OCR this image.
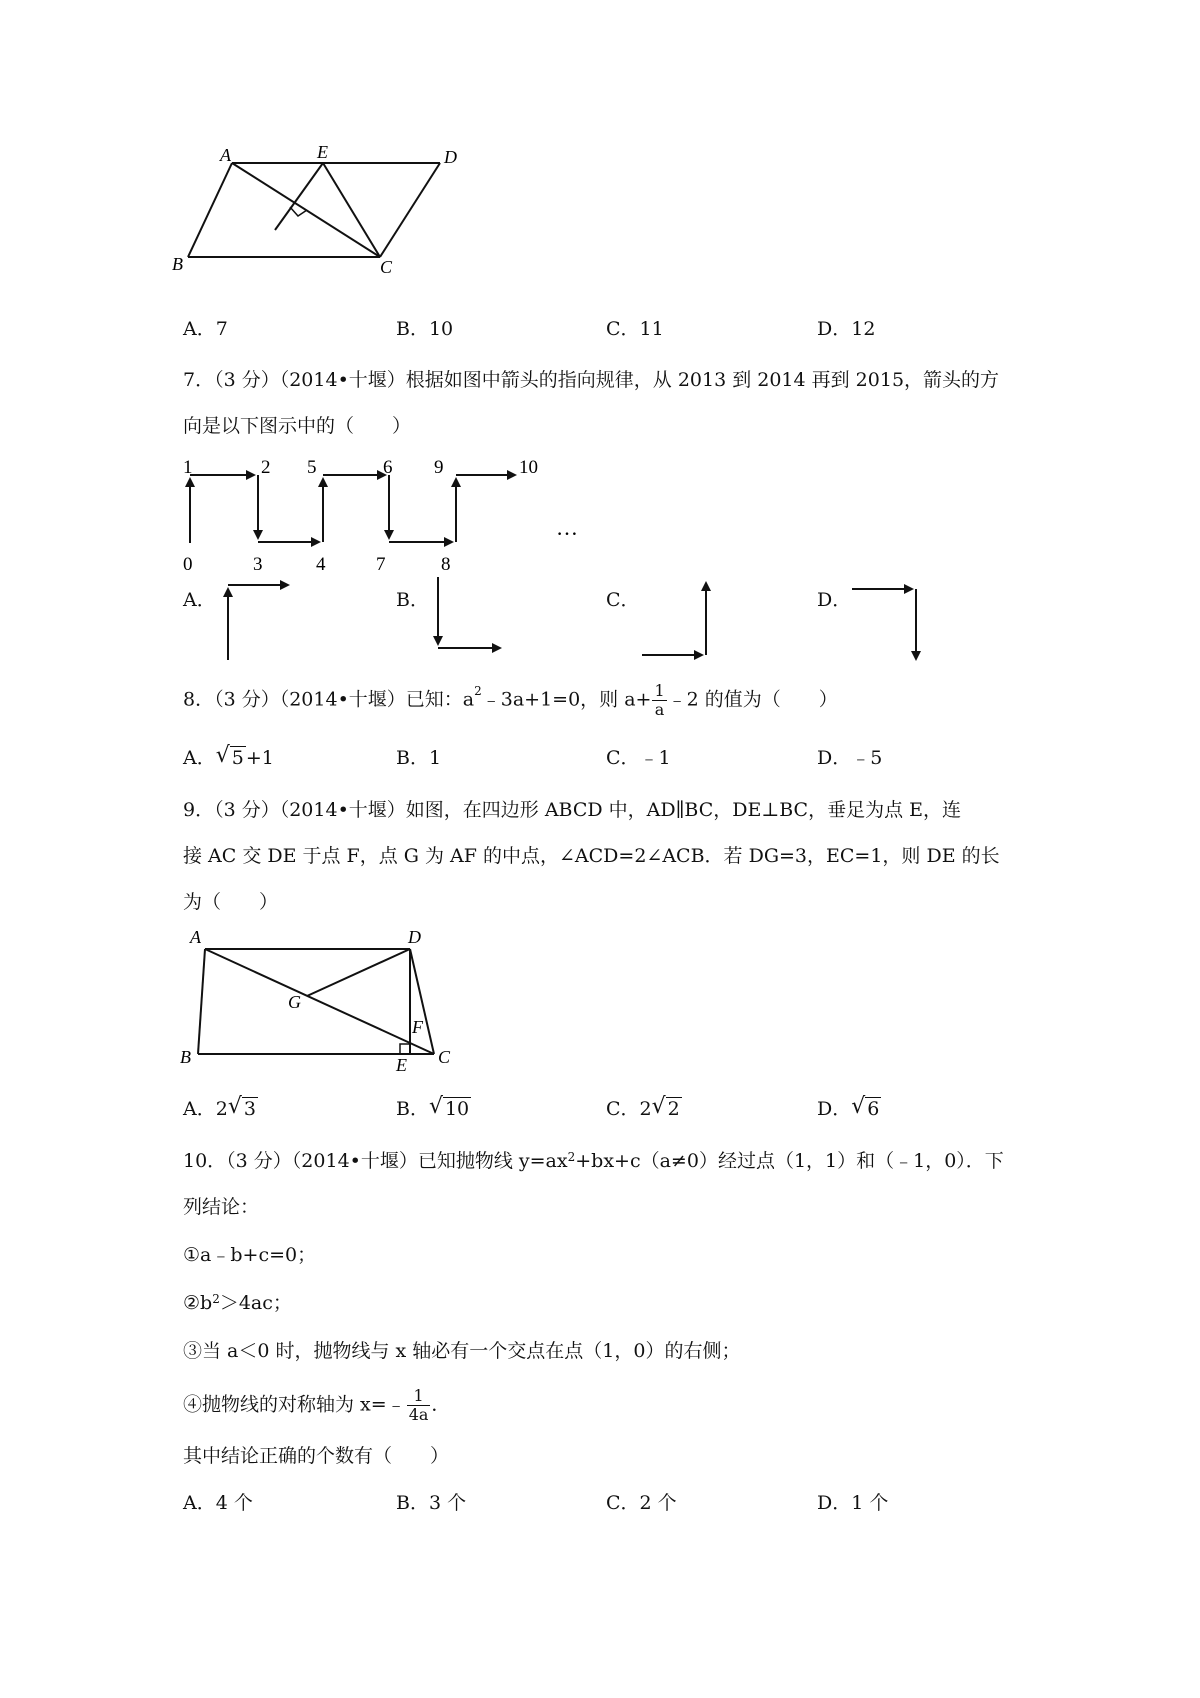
A	E	D
B	C
A．7	B．10	C．11	D．12
7．（3 分）（2014•十堰）根据如图中箭头的指向规律，从 2013 到 2014 再到 2015，箭头的方
向是以下图示中的（　　）
0
1	2
3	4
5	6
7	8
9	10
…
A．	B．	C．	D．
8．（3 分）（2014•十堰）已知：$a^2﹣3a+1=0$，则 $a+ \frac{1}{a}$ ﹣2 的值为（　　）
A． √ 5 +1	B．1	C．﹣1	D．﹣5
9．（3 分）（2014•十堰）如图，在四边形 ABCD 中，AD∥BC，DE⊥BC，垂足为点 E，连
接 AC 交 DE 于点 F，点 G 为 AF 的中点，∠ACD=2∠ACB．若 DG=3，EC=1，则 DE 的长
为（　　）
A	D
G
F
B	E C
A．2 √ 3	B． √ 10	C．2 √ 2	D． √ 6
10．（3 分）（2014•十堰）已知抛物线 $y=ax^2+bx+c(a\ne 0)$经过点（1，1）和（﹣1，0）．下
列结论：
①a﹣b+c=0；
$②b^2>4ac$；
③当 a＜0 时，抛物线与 x 轴必有一个交点在点（1，0）的右侧；
④抛物线的对称轴为 x=﹣ $\frac{1}{4a}$ ．
其中结论正确的个数有（　　）
A．4 个	B．3 个	C．2 个	D．1 个
